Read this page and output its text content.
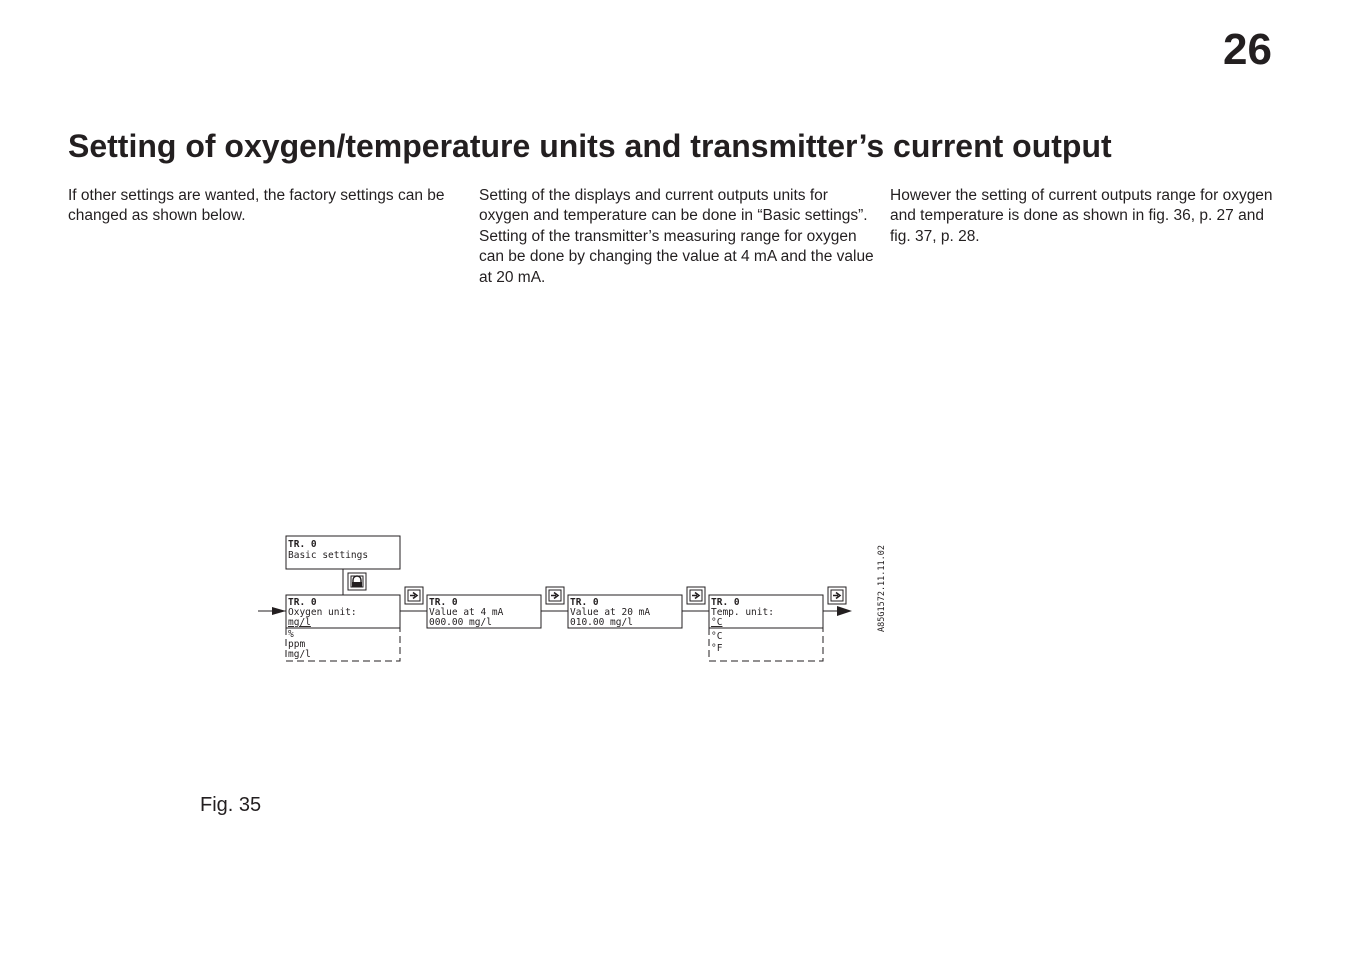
26
Setting of oxygen/temperature units and transmitter’s current output

If other settings are wanted, the factory settings can be changed as shown below.

Setting of the displays and current outputs units for oxygen and temperature can be done in “Basic settings”. Setting of the transmitter’s measuring range for oxygen can be done by changing the value at 4 mA and the value at 20 mA.

However the setting of current outputs range for oxygen and temperature is done as shown in fig. 36, p. 27 and fig. 37, p. 28.

TR. 0
Basic settings
TR. 0
Oxygen unit:
mg/l
%
ppm
mg/l
TR. 0
Value at 4 mA
000.00 mg/l
TR. 0
Value at 20 mA
010.00 mg/l
TR. 0
Temp. unit:
°C
°C
°F
A85G1572.11.11.02
Fig. 35
